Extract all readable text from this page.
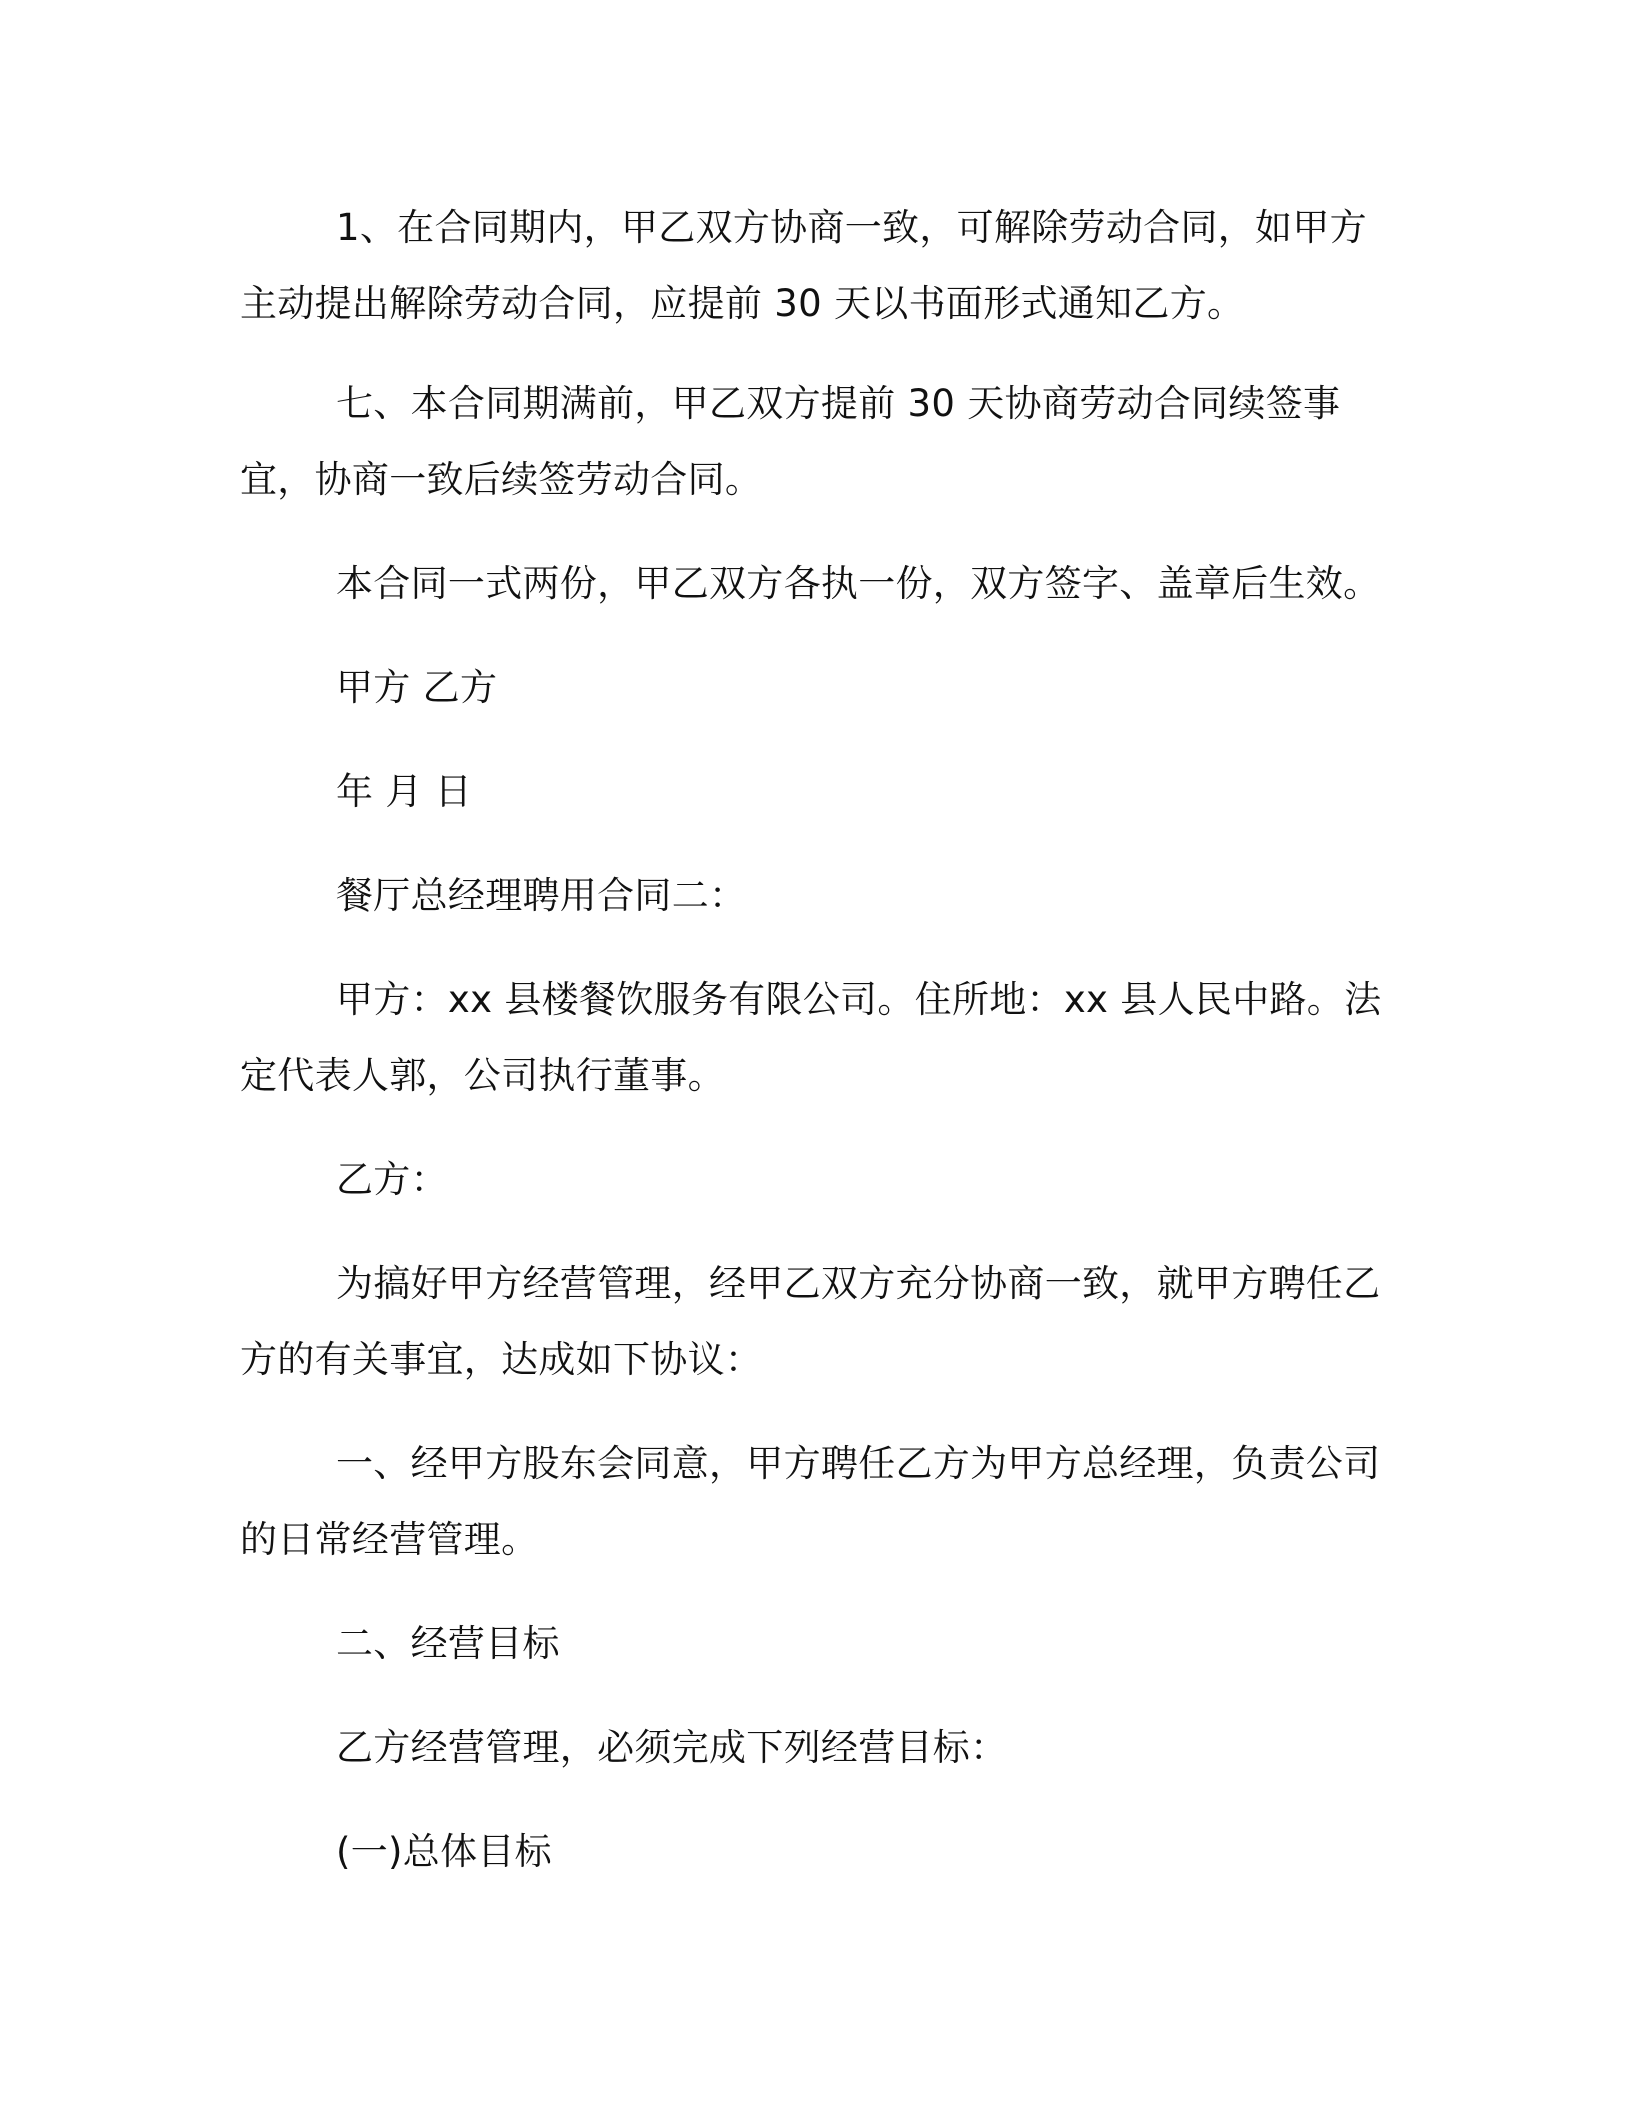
1、在合同期内，甲乙双方协商一致，可解除劳动合同，如甲方主动提出解除劳动合同，应提前 30 天以书面形式通知乙方。

七、本合同期满前，甲乙双方提前 30 天协商劳动合同续签事宜，协商一致后续签劳动合同。

本合同一式两份，甲乙双方各执一份，双方签字、盖章后生效。

甲方 乙方

年 月 日

餐厅总经理聘用合同二：

甲方：xx 县楼餐饮服务有限公司。住所地：xx 县人民中路。法定代表人郭，公司执行董事。

乙方：

为搞好甲方经营管理，经甲乙双方充分协商一致，就甲方聘任乙方的有关事宜，达成如下协议：

一、经甲方股东会同意，甲方聘任乙方为甲方总经理，负责公司的日常经营管理。

二、经营目标

乙方经营管理，必须完成下列经营目标：

(一)总体目标
